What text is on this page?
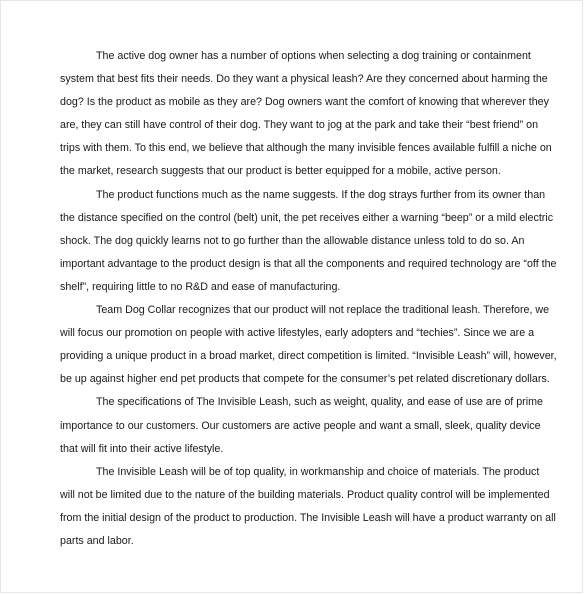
The active dog owner has a number of options when selecting a dog training or containment
system that best fits their needs. Do they want a physical leash? Are they concerned about harming the
dog? Is the product as mobile as they are? Dog owners want the comfort of knowing that wherever they
are, they can still have control of their dog. They want to jog at the park and take their “best friend” on
trips with them. To this end, we believe that although the many invisible fences available fulfill a niche on
the market, research suggests that our product is better equipped for a mobile, active person.
The product functions much as the name suggests. If the dog strays further from its owner than
the distance specified on the control (belt) unit, the pet receives either a warning “beep” or a mild electric
shock. The dog quickly learns not to go further than the allowable distance unless told to do so. An
important advantage to the product design is that all the components and required technology are “off the
shelf”, requiring little to no R&D and ease of manufacturing.
Team Dog Collar recognizes that our product will not replace the traditional leash. Therefore, we
will focus our promotion on people with active lifestyles, early adopters and “techies”. Since we are a
providing a unique product in a broad market, direct competition is limited. “Invisible Leash” will, however,
be up against higher end pet products that compete for the consumer’s pet related discretionary dollars.
The specifications of The Invisible Leash, such as weight, quality, and ease of use are of prime
importance to our customers. Our customers are active people and want a small, sleek, quality device
that will fit into their active lifestyle.
The Invisible Leash will be of top quality, in workmanship and choice of materials. The product
will not be limited due to the nature of the building materials. Product quality control will be implemented
from the initial design of the product to production. The Invisible Leash will have a product warranty on all
parts and labor.
